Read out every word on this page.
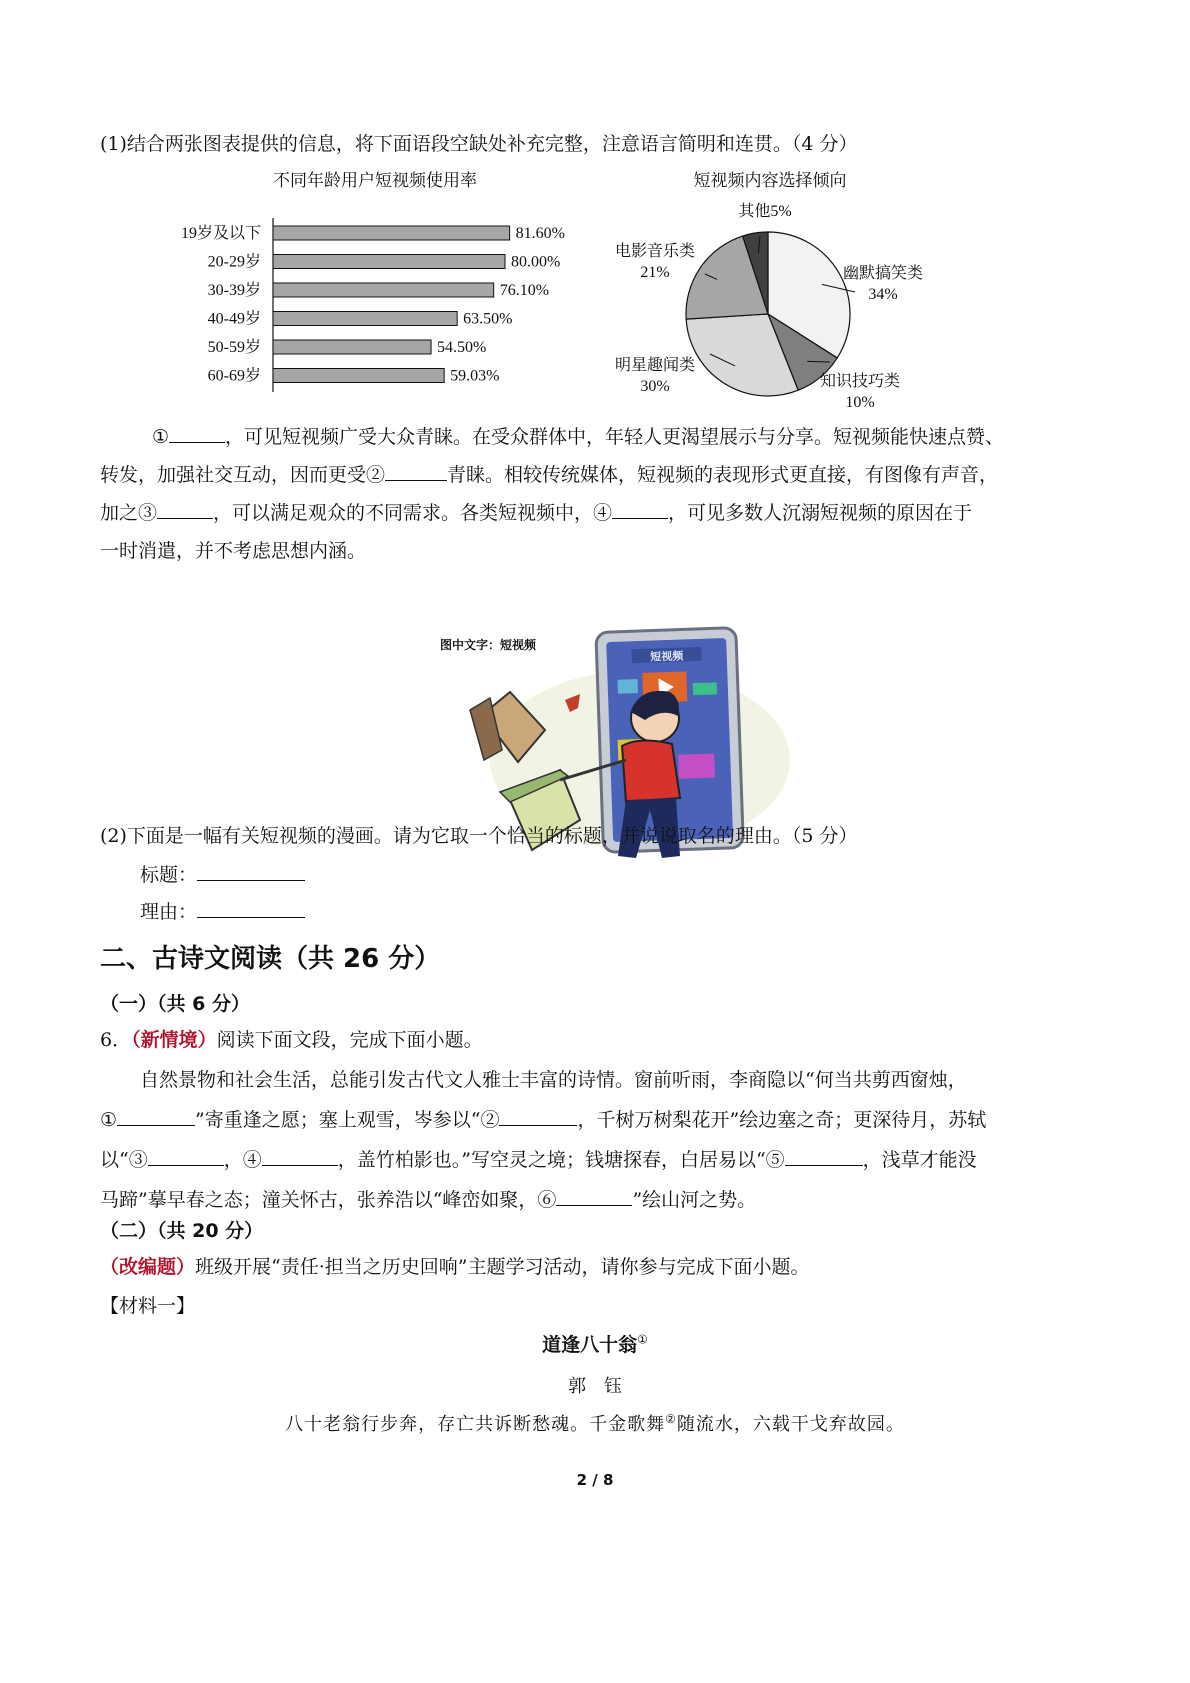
(1)结合两张图表提供的信息，将下面语段空缺处补充完整，注意语言简明和连贯。（4 分）
不同年龄用户短视频使用率
19岁及以下	81.60%
20-29岁	80.00%
30-39岁	76.10%
40-49岁	63.50%
50-59岁	54.50%
60-69岁	59.03%
短视频内容选择倾向
幽默搞笑类
34%
知识技巧类
10%
明星趣闻类
30%
电影音乐类
21%
其他5%
①	，可见短视频广受大众青睐。在受众群体中，年轻人更渴望展示与分享。短视频能快速点赞、
转发，加强社交互动，因而更受②	青睐。相较传统媒体，短视频的表现形式更直接，有图像有声音，
加之③	，可以满足观众的不同需求。各类短视频中，④	，可见多数人沉溺短视频的原因在于
一时消遣，并不考虑思想内涵。
图中文字：短视频
短视频
(2)下面是一幅有关短视频的漫画。请为它取一个恰当的标题，并说说取名的理由。（5 分）
标题：
理由：
二、古诗文阅读（共 26 分）
（一）（共 6 分）
6．（新情境）阅读下面文段，完成下面小题。
自然景物和社会生活，总能引发古代文人雅士丰富的诗情。窗前听雨，李商隐以“何当共剪西窗烛，
①	”寄重逢之愿；塞上观雪，岑参以“②	，千树万树梨花开”绘边塞之奇；更深待月，苏轼
以“③	，④	，盖竹柏影也。”写空灵之境；钱塘探春，白居易以“⑤	，浅草才能没
马蹄”摹早春之态；潼关怀古，张养浩以“峰峦如聚，⑥	”绘山河之势。
（二）（共 20 分）
（改编题）班级开展“责任·担当之历史回响”主题学习活动，请你参与完成下面小题。
【材料一】
道逢八十翁①
郭　钰
八十老翁行步奔，存亡共诉断愁魂。千金歌舞②随流水，六载干戈弃故园。
2 / 8
